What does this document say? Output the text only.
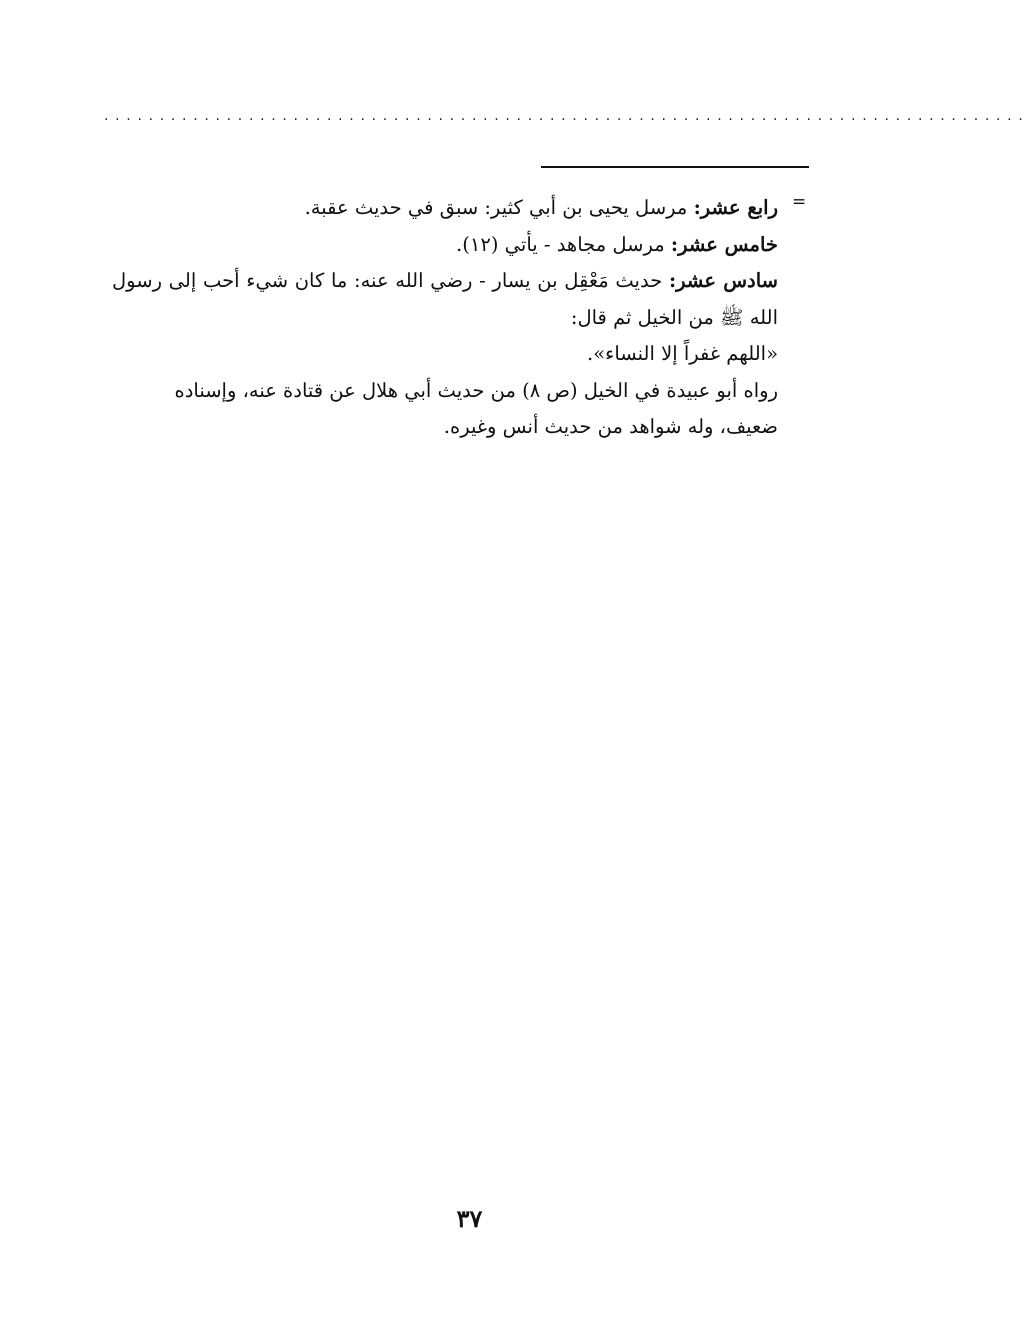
...................................................................................
=

رابع عشر: مرسل يحيى بن أبي كثير: سبق في حديث عقبة.

خامس عشر: مرسل مجاهد - يأتي (١٢).

سادس عشر: حديث مَعْقِل بن يسار - رضي الله عنه: ما كان شيء أحب إلى رسول الله ﷺ من الخيل ثم قال:

«اللهم غفراً إلا النساء».

رواه أبو عبيدة في الخيل (ص ٨) من حديث أبي هلال عن قتادة عنه، وإسناده ضعيف، وله شواهد من حديث أنس وغيره.

٣٧
